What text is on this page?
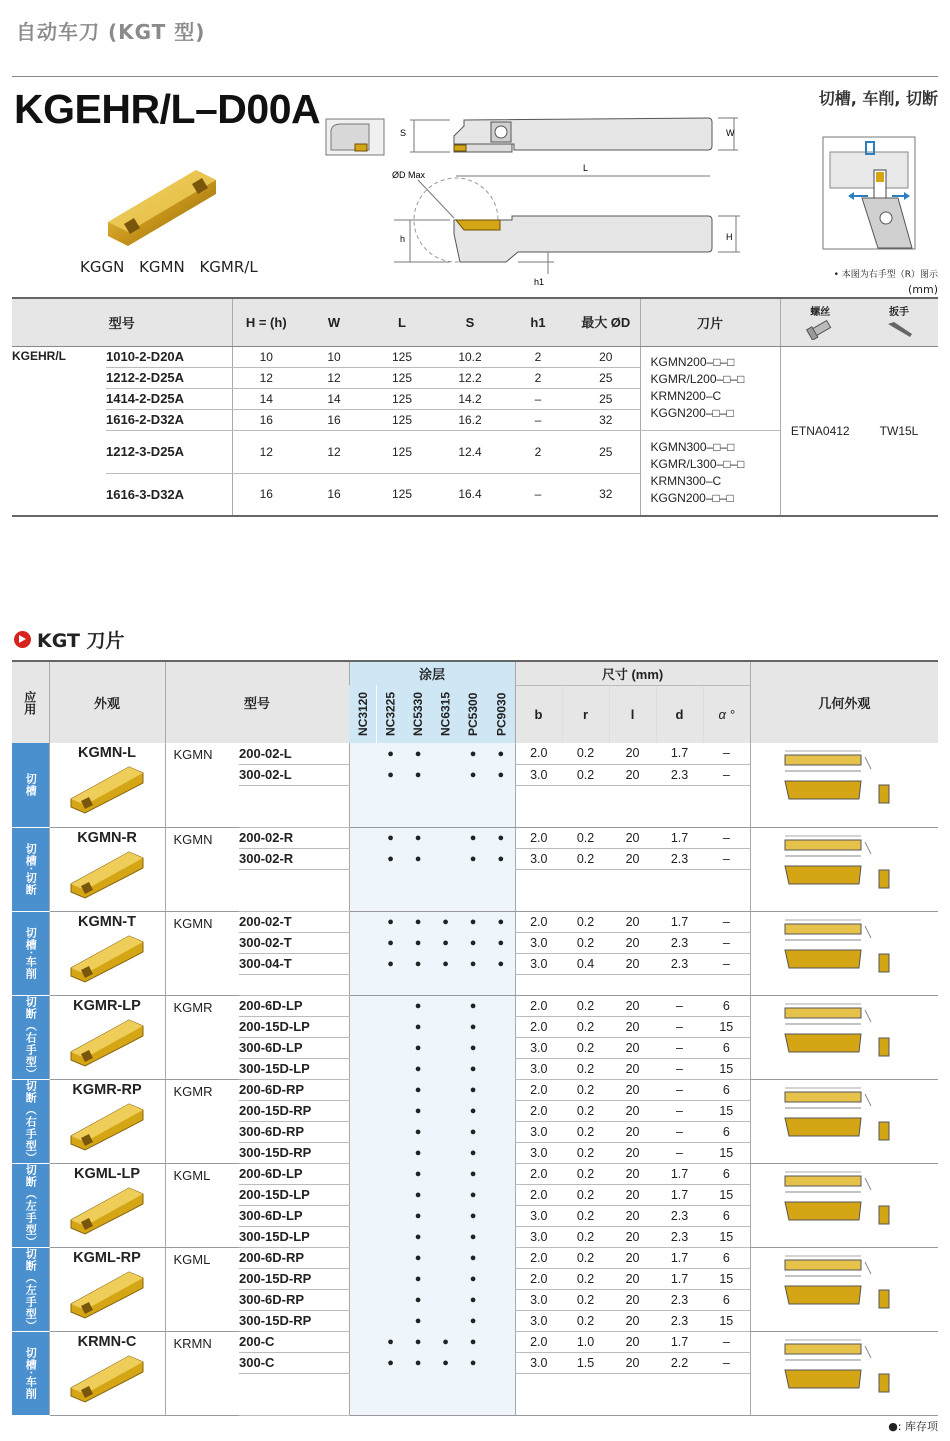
自动车刀 (KGT 型)
KGEHR/L–D00A	切槽, 车削, 切断
KGGN KGMN KGMR/L
S	W
L
ØD Max
h	H
h1
• 本图为右手型（R）图示
(mm)
型号		H = (h)	W	L	S	h1	最大 ØD	刀片	螺丝	扳手

KGEHR/L	1010-2-D20A	10	10	125	10.2	2	20	KGMN200–□–□
KGMR/L200–□–□
KRMN200–C
KGGN200–□–□	ETNA0412	TW15L
	1212-2-D25A	12	12	125	12.2	2	25			
	1414-2-D25A	14	14	125	14.2	–	25			
	1616-2-D32A	16	16	125	16.2	–	32			
	1212-3-D25A	12	12	125	12.4	2	25	KGMN300–□–□
KGMR/L300–□–□
KRMN300–C
KGGN200–□–□		

	1616-3-D32A	16	16	125	16.4	–	32			
KGT 刀片
应用	外观	型号		涂层						尺寸 (mm)					几何外观
				NC3120	NC3225	NC5330	NC6315	PC5300	PC9030	b	r	l	d	α °	
切槽	KGMN-L	KGMN	200-02-L		●	●		●	●	2.0	0.2	20	1.7	–	
			300-02-L		●	●		●	●	3.0	0.2	20	2.3	–	

切槽·切断	KGMN-R	KGMN	200-02-R		●	●		●	●	2.0	0.2	20	1.7	–	
			300-02-R		●	●		●	●	3.0	0.2	20	2.3	–	

切槽·车削	KGMN-T	KGMN	200-02-T		●	●	●	●	●	2.0	0.2	20	1.7	–	
			300-02-T		●	●	●	●	●	3.0	0.2	20	2.3	–	
			300-04-T		●	●	●	●	●	3.0	0.4	20	2.3	–	

切断（右手型）	KGMR-LP	KGMR	200-6D-LP			●		●		2.0	0.2	20	–	6	
			200-15D-LP			●		●		2.0	0.2	20	–	15	
			300-6D-LP			●		●		3.0	0.2	20	–	6	
			300-15D-LP			●		●		3.0	0.2	20	–	15	
切断（右手型）	KGMR-RP	KGMR	200-6D-RP			●		●		2.0	0.2	20	–	6	
			200-15D-RP			●		●		2.0	0.2	20	–	15	
			300-6D-RP			●		●		3.0	0.2	20	–	6	
			300-15D-RP			●		●		3.0	0.2	20	–	15	
切断（左手型）	KGML-LP	KGML	200-6D-LP			●		●		2.0	0.2	20	1.7	6	
			200-15D-LP			●		●		2.0	0.2	20	1.7	15	
			300-6D-LP			●		●		3.0	0.2	20	2.3	6	
			300-15D-LP			●		●		3.0	0.2	20	2.3	15	
切断（左手型）	KGML-RP	KGML	200-6D-RP			●		●		2.0	0.2	20	1.7	6	
			200-15D-RP			●		●		2.0	0.2	20	1.7	15	
			300-6D-RP			●		●		3.0	0.2	20	2.3	6	
			300-15D-RP			●		●		3.0	0.2	20	2.3	15	
切槽·车削	KRMN-C	KRMN	200-C		●	●	●	●		2.0	1.0	20	1.7	–	
			300-C		●	●	●	●		3.0	1.5	20	2.2	–	

●: 库存项
